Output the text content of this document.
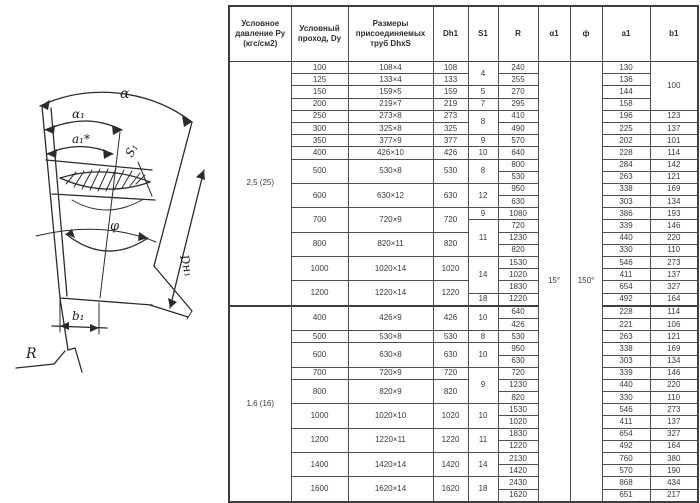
α
α₁
a₁*
S₁
φ
Dн₁
b₁
R
Условное давление Ру (кгс/см2)	Условный проход, Dy	Размеры присоединяемых труб DhxS	Dh1	S1	R	α1	ф	a1	b1
2,5 (25)	100	108×4	108	4	240	15°	150°	130	100
	125	133×4	133		255			136	
	150	159×5	159	5	270			144	
	200	219×7	219	7	295			158	
	250	273×8	273	8	410			196	123
	300	325×8	325		490			225	137
	350	377×9	377	9	570			202	101
	400	426×10	426	10	640			228	114
	500	530×8	530	8	800			284	142
					530			263	121
	600	630×12	630	12	950			338	169
					630			303	134
	700	720×9	720	9	1080			386	193
				11	720			339	146
	800	820×11	820		1230			440	220
					820			330	110
	1000	1020×14	1020	14	1530			546	273
					1020			411	137
	1200	1220×14	1220		1830			654	327
				18	1220			492	164
1,6 (16)	400	426×9	426	10	640			228	114
					426			221	106
	500	530×8	530	8	530			263	121
	600	630×8	630	10	950			338	169
					630			303	134
	700	720×9	720	9	720			339	146
	800	820×9	820		1230			440	220
					820			330	110
	1000	1020×10	1020	10	1530			546	273
					1020			411	137
	1200	1220×11	1220	11	1830			654	327
					1220			492	164
	1400	1420×14	1420	14	2130			760	380
					1420			570	190
	1600	1620×14	1620	18	2430			868	434
					1620			651	217
